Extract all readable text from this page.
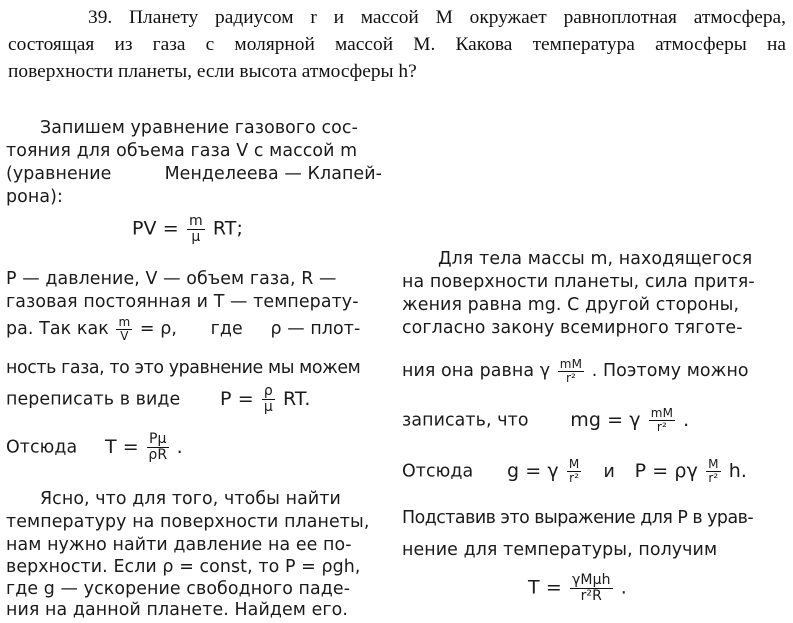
39. Планету радиусом r и массой M окружает равноплотная атмосфера,

состоящая из газа с молярной массой M. Какова температура атмосферы на

поверхности планеты, если высота атмосферы h?

Запишем уравнение газового сос-
тояния для объема газа V с массой m
(уравнение	Менделеева — Клапей-
рона):
PV = $\frac{m}{\mu}$ RT;
P — давление, V — объем газа, R —
газовая постоянная и T — температу-
ра. Так как $\frac{m}{V} = \rho$, где ρ — плот-
ность газа, то это уравнение мы можем
переписать в виде $P = \frac{\rho}{\mu}$ RT.
Отсюда $T = \frac{P\mu}{\rho R}$ .
Ясно, что для того, чтобы найти
температуру на поверхности планеты,
нам нужно найти давление на ее по-
верхности. Если ρ = const, то P = ρgh,
где g — ускорение свободного паде-
ния на данной планете. Найдем его.
Для тела массы m, находящегося
на поверхности планеты, сила притя-
жения равна mg. С другой стороны,
согласно закону всемирного тяготе-
ния она равна γ $\frac{mM}{\text{r²}}$ . Поэтому можно
записать, что mg = γ $\frac{mM}{\text{r²}}$ .
Отсюда g = γ $\frac{M}{\text{r²}}$ и P = ργ $\frac{M}{\text{r²}} h$.
Подставив это выражение для P в урав-
нение для температуры, получим
T = γMμh
r²R .
